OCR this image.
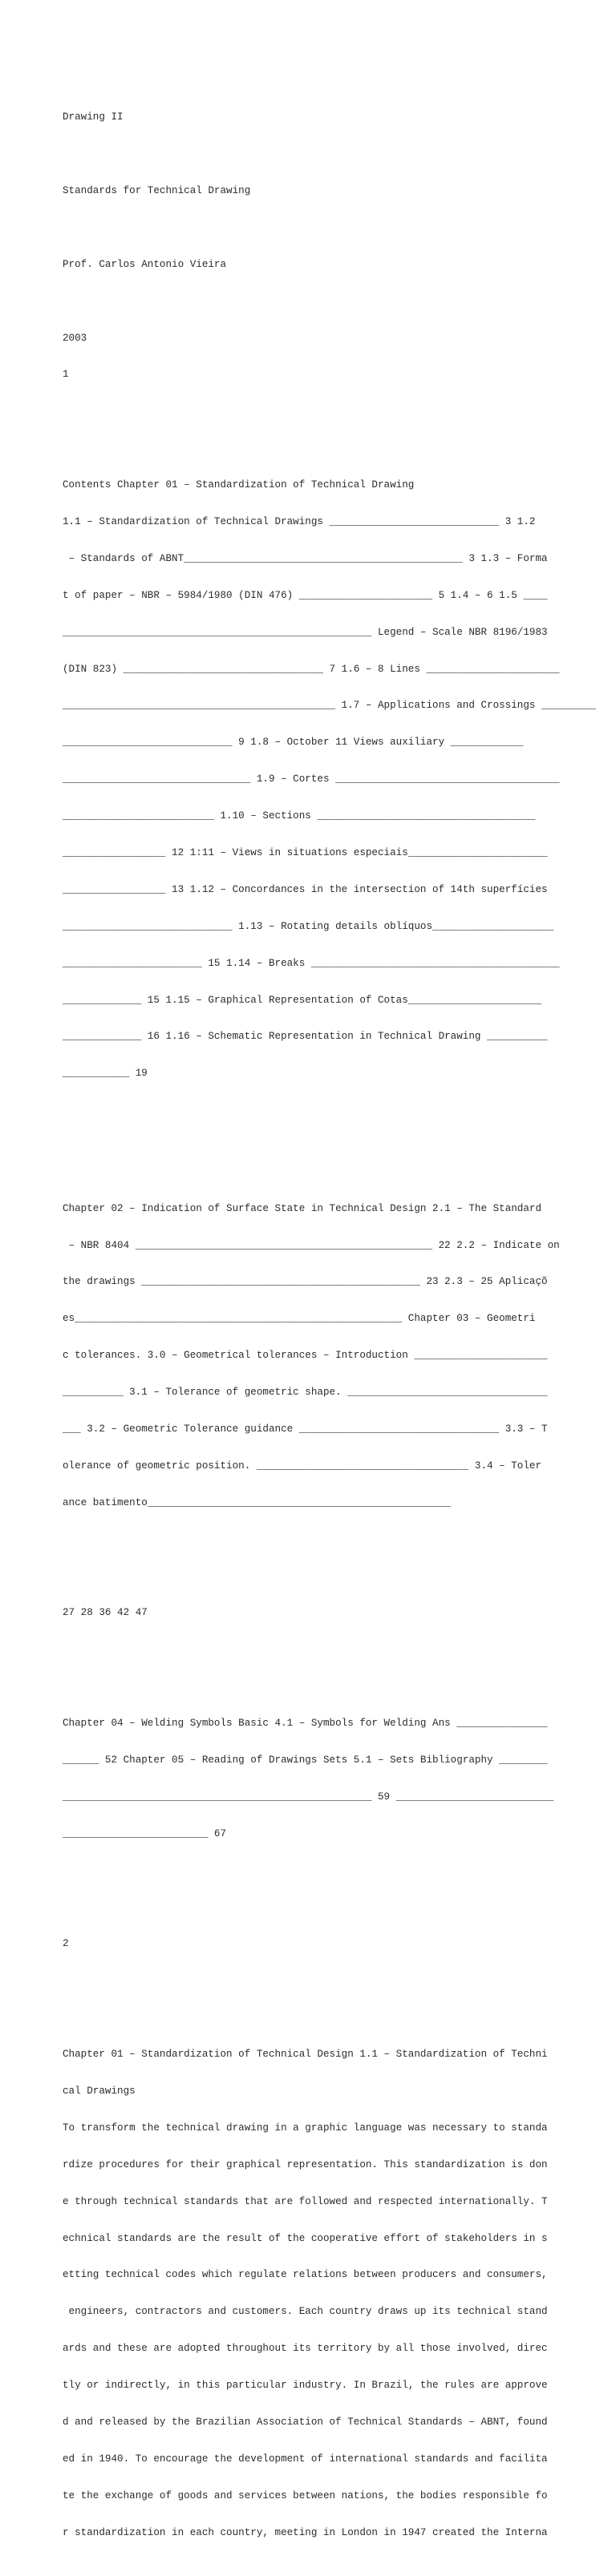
Drawing II

Standards for Technical Drawing

Prof. Carlos Antonio Vieira

2003

1

Contents Chapter 01 – Standardization of Technical Drawing

1.1 – Standardization of Technical Drawings ____________________________ 3 1.2

– Standards of ABNT______________________________________________ 3 1.3 – Forma

t of paper – NBR – 5984/1980 (DIN 476) ______________________ 5 1.4 – 6 1.5 ____

___________________________________________________ Legend – Scale NBR 8196/1983

(DIN 823) _________________________________ 7 1.6 – 8 Lines ______________________

_____________________________________________ 1.7 – Applications and Crossings _________

____________________________ 9 1.8 – October 11 Views auxiliary ____________

_______________________________ 1.9 – Cortes _____________________________________

_________________________ 1.10 – Sections ____________________________________

_________________ 12 1:11 – Views in situations especiais_______________________

_________________ 13 1.12 – Concordances in the intersection of 14th superfícies

____________________________ 1.13 – Rotating details oblíquos____________________

_______________________ 15 1.14 – Breaks _________________________________________

_____________ 15 1.15 – Graphical Representation of Cotas______________________

_____________ 16 1.16 – Schematic Representation in Technical Drawing __________

___________ 19

Chapter 02 – Indication of Surface State in Technical Design 2.1 – The Standard

– NBR 8404 _________________________________________________ 22 2.2 – Indicate on

the drawings ______________________________________________ 23 2.3 – 25 Aplicaçõ

es______________________________________________________ Chapter 03 – Geometri

c tolerances. 3.0 – Geometrical tolerances – Introduction ______________________

__________ 3.1 – Tolerance of geometric shape. _________________________________

___ 3.2 – Geometric Tolerance guidance _________________________________ 3.3 – T

olerance of geometric position. ___________________________________ 3.4 – Toler

ance batimento__________________________________________________

27 28 36 42 47

Chapter 04 – Welding Symbols Basic 4.1 – Symbols for Welding Ans _______________

______ 52 Chapter 05 – Reading of Drawings Sets 5.1 – Sets Bibliography ________

___________________________________________________ 59 __________________________

________________________ 67

2

Chapter 01 – Standardization of Technical Design 1.1 – Standardization of Techni

cal Drawings

To transform the technical drawing in a graphic language was necessary to standa

rdize procedures for their graphical representation. This standardization is don

e through technical standards that are followed and respected internationally. T

echnical standards are the result of the cooperative effort of stakeholders in s

etting technical codes which regulate relations between producers and consumers,

engineers, contractors and customers. Each country draws up its technical stand

ards and these are adopted throughout its territory by all those involved, direc

tly or indirectly, in this particular industry. In Brazil, the rules are approve

d and released by the Brazilian Association of Technical Standards – ABNT, found

ed in 1940. To encourage the development of international standards and facilita

te the exchange of goods and services between nations, the bodies responsible fo

r standardization in each country, meeting in London in 1947 created the Interna
